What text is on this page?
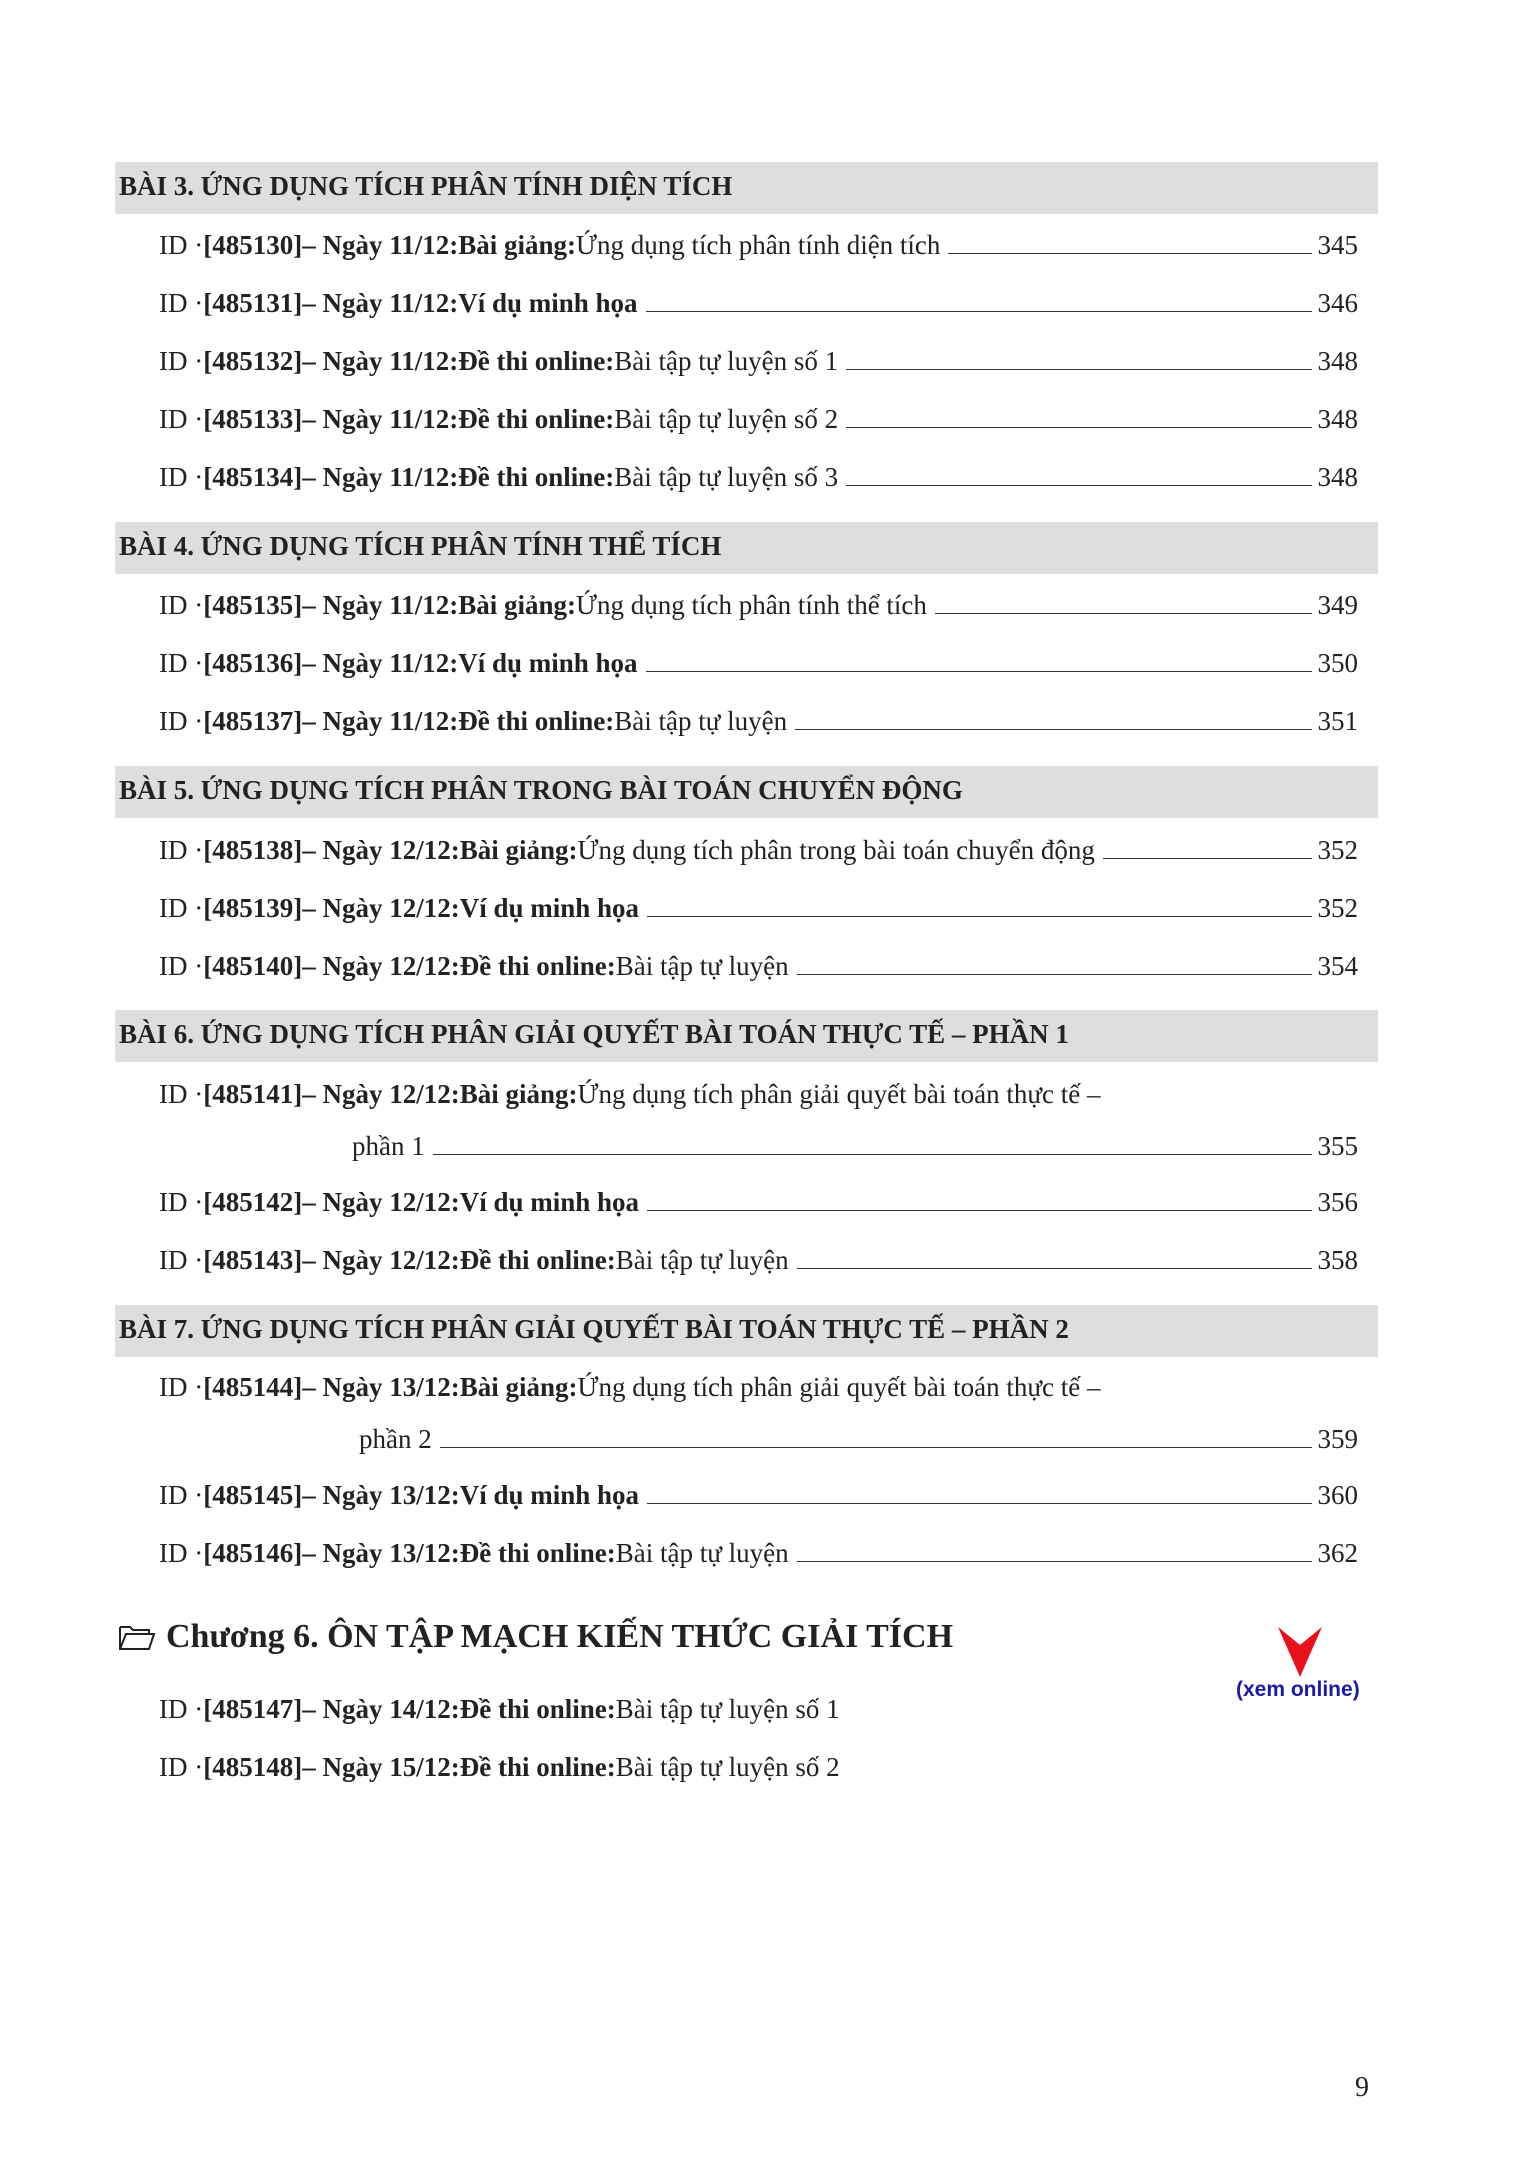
BÀI 3. ỨNG DỤNG TÍCH PHÂN TÍNH DIỆN TÍCH
ID · [485130] – Ngày 11/12: Bài giảng: Ứng dụng tích phân tính diện tích	345
ID · [485131] – Ngày 11/12: Ví dụ minh họa	346
ID · [485132] – Ngày 11/12: Đề thi online: Bài tập tự luyện số 1	348
ID · [485133] – Ngày 11/12: Đề thi online: Bài tập tự luyện số 2	348
ID · [485134] – Ngày 11/12: Đề thi online: Bài tập tự luyện số 3	348
BÀI 4. ỨNG DỤNG TÍCH PHÂN TÍNH THỂ TÍCH
ID · [485135] – Ngày 11/12: Bài giảng: Ứng dụng tích phân tính thể tích	349
ID · [485136] – Ngày 11/12: Ví dụ minh họa	350
ID · [485137] – Ngày 11/12: Đề thi online: Bài tập tự luyện	351
BÀI 5. ỨNG DỤNG TÍCH PHÂN TRONG BÀI TOÁN CHUYỂN ĐỘNG
ID · [485138] – Ngày 12/12: Bài giảng: Ứng dụng tích phân trong bài toán chuyển động	352
ID · [485139] – Ngày 12/12: Ví dụ minh họa	352
ID · [485140] – Ngày 12/12: Đề thi online: Bài tập tự luyện	354
BÀI 6. ỨNG DỤNG TÍCH PHÂN GIẢI QUYẾT BÀI TOÁN THỰC TẾ – PHẦN 1
ID · [485141] – Ngày 12/12: Bài giảng: Ứng dụng tích phân giải quyết bài toán thực tế –
phần 1	355
ID · [485142] – Ngày 12/12: Ví dụ minh họa	356
ID · [485143] – Ngày 12/12: Đề thi online: Bài tập tự luyện	358
BÀI 7. ỨNG DỤNG TÍCH PHÂN GIẢI QUYẾT BÀI TOÁN THỰC TẾ – PHẦN 2
ID · [485144] – Ngày 13/12: Bài giảng: Ứng dụng tích phân giải quyết bài toán thực tế –
phần 2	359
ID · [485145] – Ngày 13/12: Ví dụ minh họa	360
ID · [485146] – Ngày 13/12: Đề thi online: Bài tập tự luyện	362
ID · [485147] – Ngày 14/12: Đề thi online: Bài tập tự luyện số 1
ID · [485148] – Ngày 15/12: Đề thi online: Bài tập tự luyện số 2
Chương 6. ÔN TẬP MẠCH KIẾN THỨC GIẢI TÍCH
(xem online)
9
